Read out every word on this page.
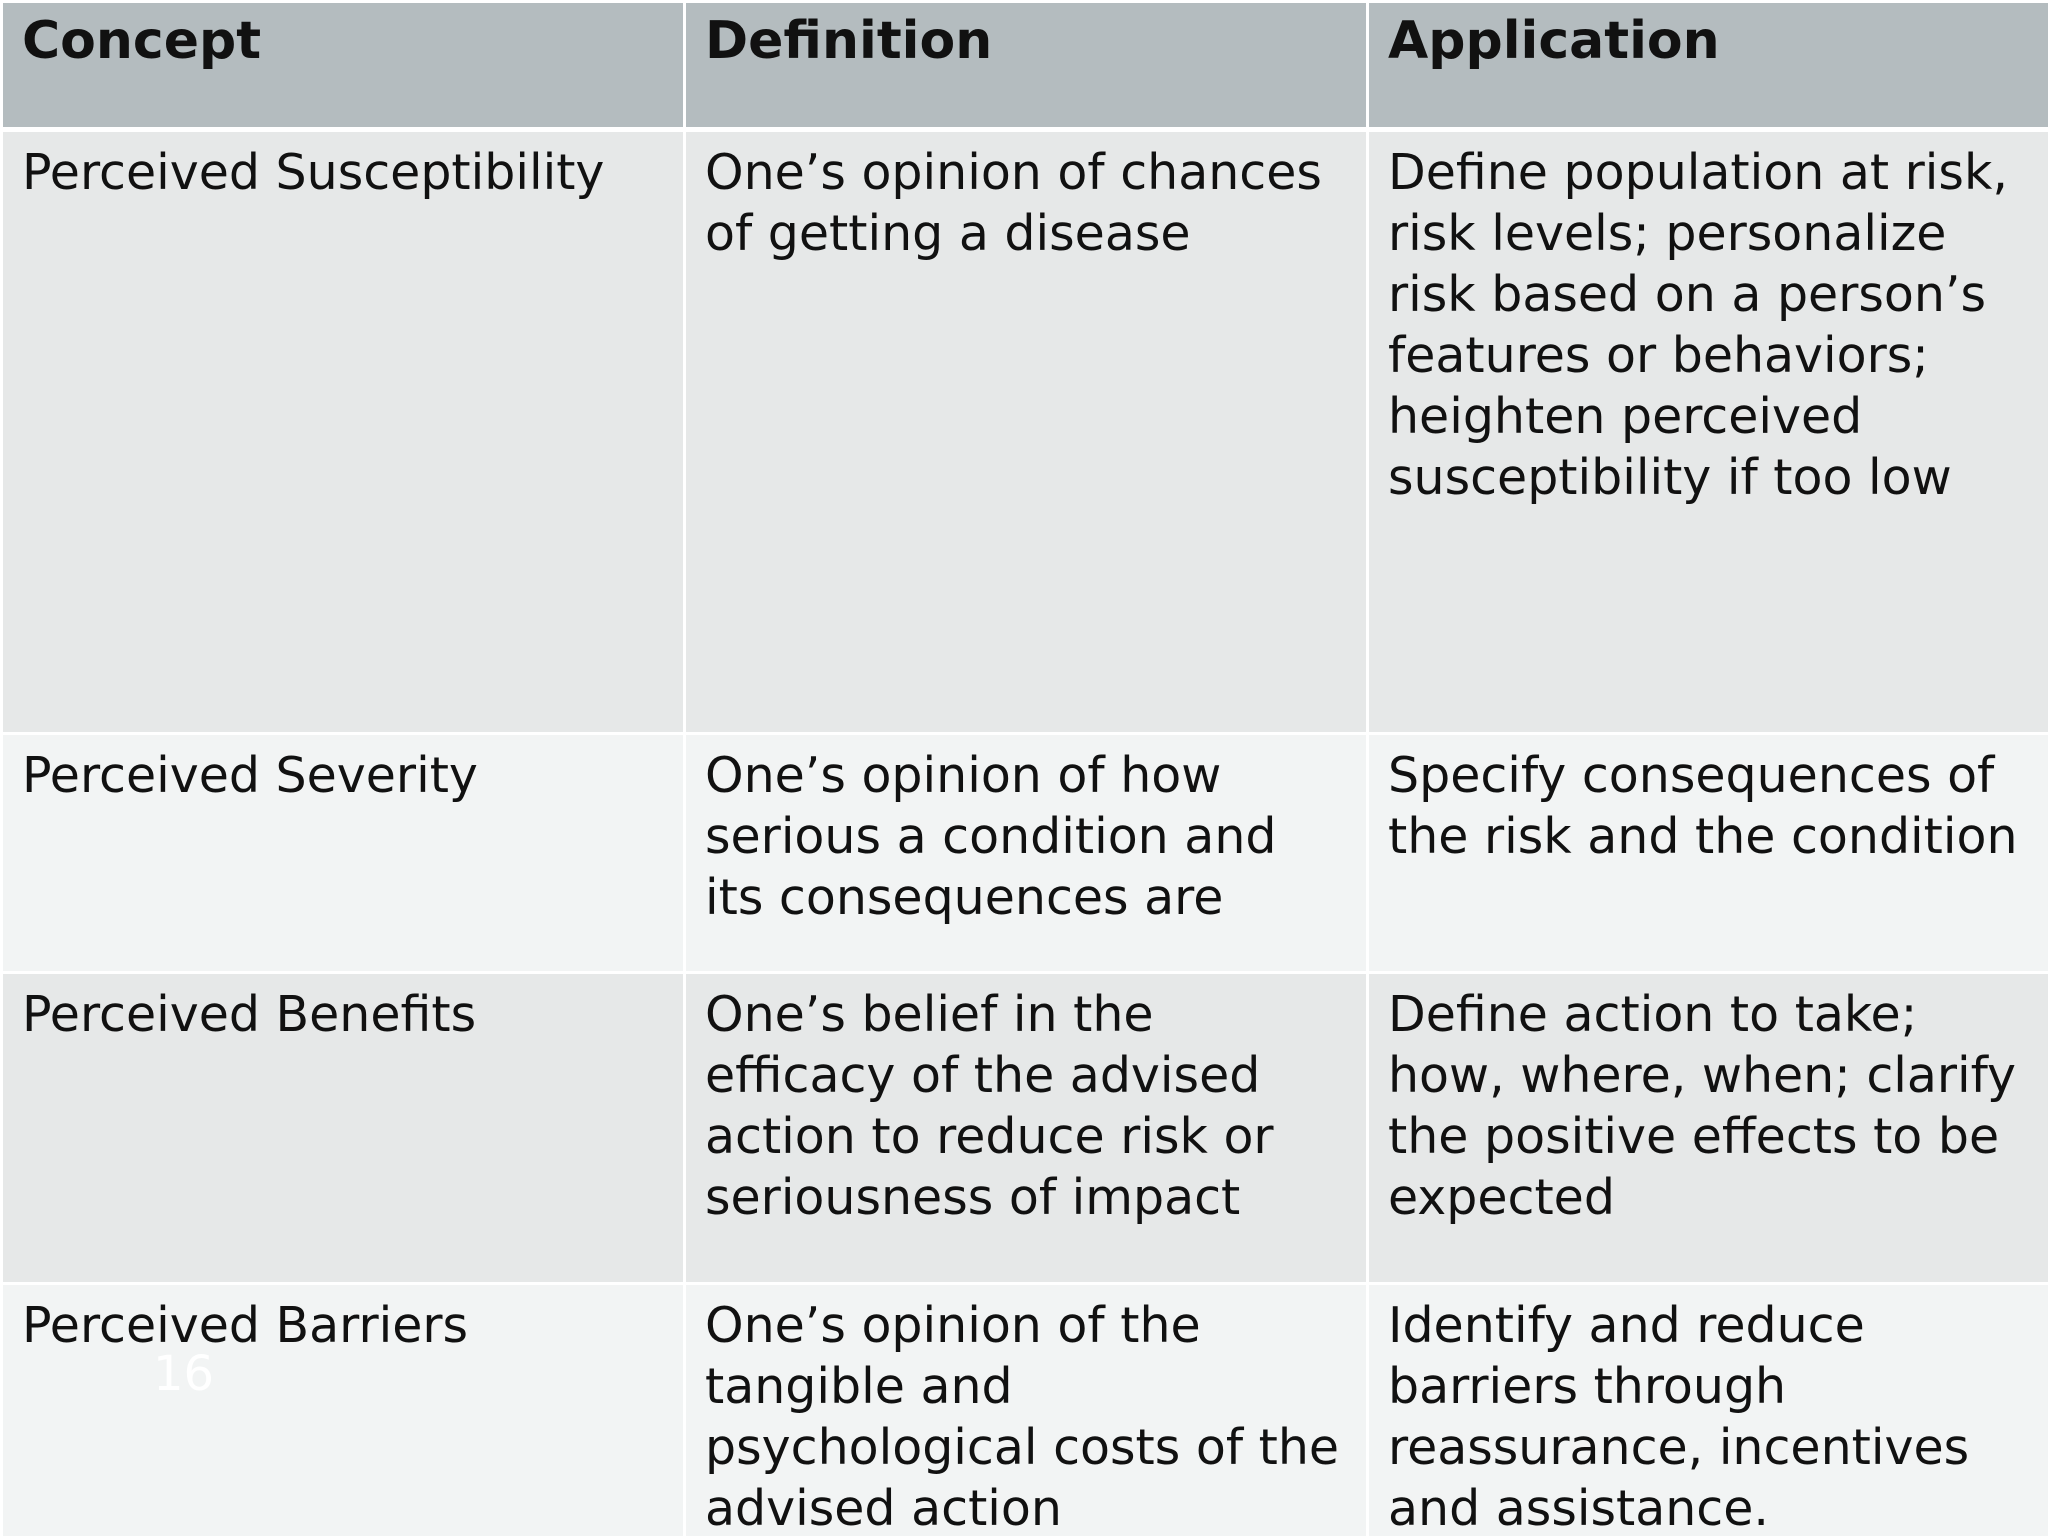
Concept	Definition	Application
Perceived Susceptibility	One’s opinion of chances of getting a disease	Define population at risk, risk levels; personalize risk based on a person’s features or behaviors; heighten perceived susceptibility if too low
Perceived Severity	One’s opinion of how serious a condition and its consequences are	Specify consequences of the risk and the condition
Perceived Benefits	One’s belief in the efficacy of the advised action to reduce risk or seriousness of impact	Define action to take; how, where, when; clarify the positive effects to be expected
Perceived Barriers	One’s opinion of the tangible and psychological costs of the advised action	Identify and reduce barriers through reassurance, incentives and assistance.
16
